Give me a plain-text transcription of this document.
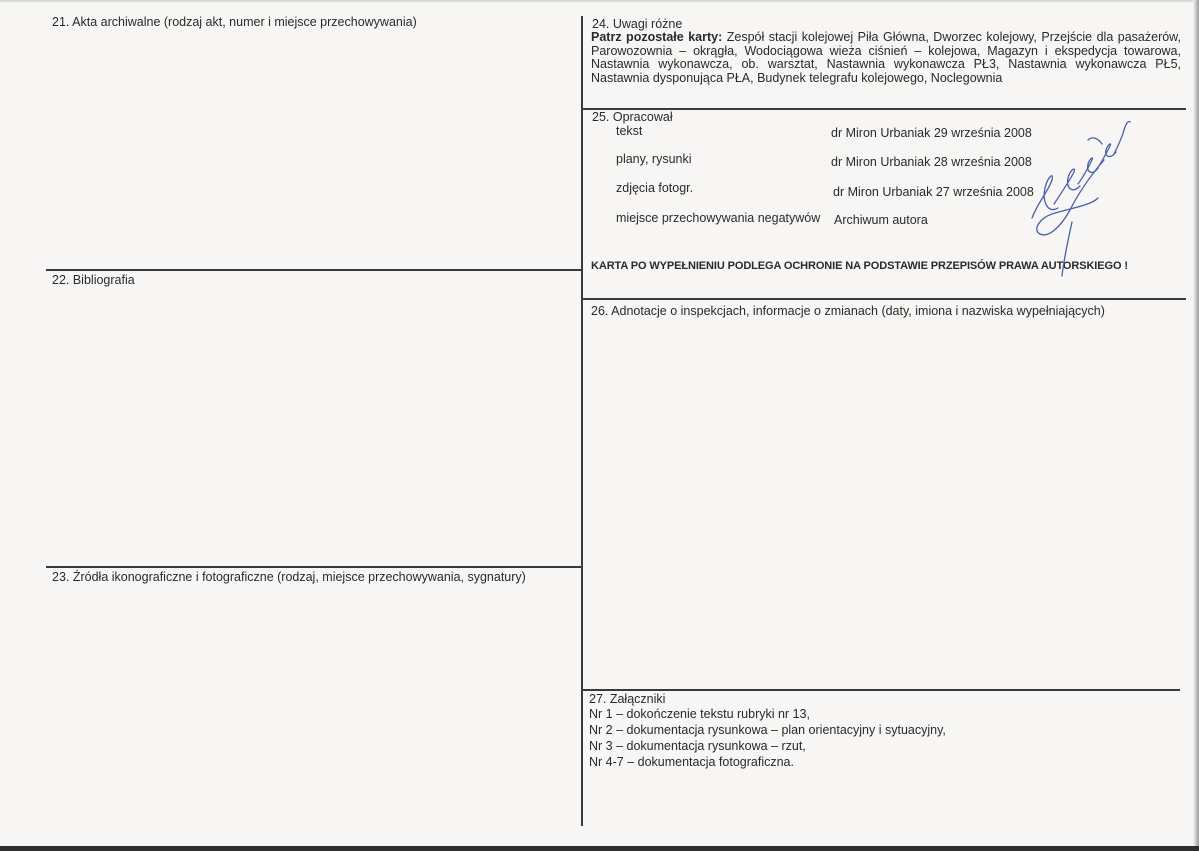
21. Akta archiwalne (rodzaj akt, numer i miejsce przechowywania)
22. Bibliografia
23. Źródła ikonograficzne i fotograficzne (rodzaj, miejsce przechowywania, sygnatury)
24. Uwagi różne
Patrz pozostałe karty: Zespół stacji kolejowej Piła Główna, Dworzec kolejowy, Przejście dla pasażerów, Parowozownia – okrągła, Wodociągowa wieża ciśnień – kolejowa, Magazyn i ekspedycja towarowa, Nastawnia wykonawcza, ob. warsztat, Nastawnia wykonawcza PŁ3, Nastawnia wykonawcza PŁ5, Nastawnia dysponująca PŁA, Budynek telegrafu kolejowego, Noclegownia
25. Opracował
tekst	dr Miron Urbaniak 29 września 2008
plany, rysunki	dr Miron Urbaniak 28 września 2008
zdjęcia fotogr.	dr Miron Urbaniak 27 września 2008
miejsce przechowywania negatywów Archiwum autora
KARTA PO WYPEŁNIENIU PODLEGA OCHRONIE NA PODSTAWIE PRZEPISÓW PRAWA AUTORSKIEGO !
26. Adnotacje o inspekcjach, informacje o zmianach (daty, imiona i nazwiska wypełniających)
27. Załączniki
Nr 1 – dokończenie tekstu rubryki nr 13,
Nr 2 – dokumentacja rysunkowa – plan orientacyjny i sytuacyjny,
Nr 3 – dokumentacja rysunkowa – rzut,
Nr 4-7 – dokumentacja fotograficzna.
